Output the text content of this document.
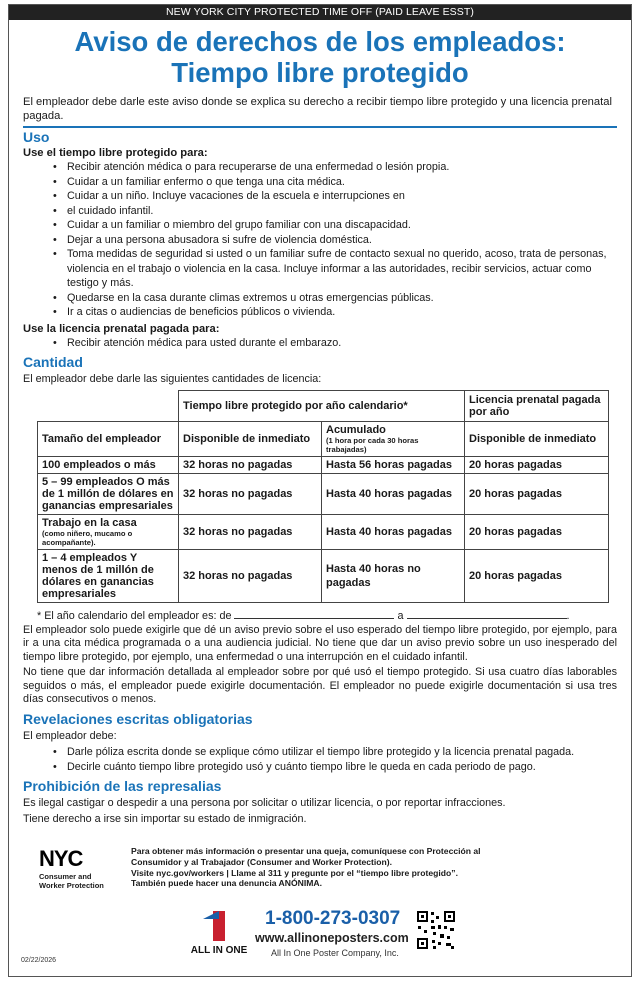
NEW YORK CITY PROTECTED TIME OFF (PAID LEAVE ESST)
Aviso de derechos de los empleados:
Tiempo libre protegido
El empleador debe darle este aviso donde se explica su derecho a recibir tiempo libre protegido y una licencia prenatal pagada.
Uso
Use el tiempo libre protegido para:
• Recibir atención médica o para recuperarse de una enfermedad o lesión propia.
• Cuidar a un familiar enfermo o que tenga una cita médica.
• Cuidar a un niño. Incluye vacaciones de la escuela e interrupciones en
• el cuidado infantil.
• Cuidar a un familiar o miembro del grupo familiar con una discapacidad.
• Dejar a una persona abusadora si sufre de violencia doméstica.
• Toma medidas de seguridad si usted o un familiar sufre de contacto sexual no querido, acoso, trata de personas, violencia en el trabajo o violencia en la casa. Incluye informar a las autoridades, recibir servicios, actuar como testigo y más.
• Quedarse en la casa durante climas extremos u otras emergencias públicas.
• Ir a citas o audiencias de beneficios públicos o vivienda.
Use la licencia prenatal pagada para:
• Recibir atención médica para usted durante el embarazo.
Cantidad
El empleador debe darle las siguientes cantidades de licencia:
	Tiempo libre protegido por año calendario*		Licencia prenatal pagada por año
Tamaño del empleador	Disponible de inmediato	Acumulado
(1 hora por cada 30 horas trabajadas)	Disponible de inmediato
100 empleados o más	32 horas no pagadas	Hasta 56 horas pagadas	20 horas pagadas
5 – 99 empleados O más de 1 millón de dólares en ganancias empresariales	32 horas no pagadas	Hasta 40 horas pagadas	20 horas pagadas
Trabajo en la casa
(como niñero, mucamo o acompañante).	32 horas no pagadas	Hasta 40 horas pagadas	20 horas pagadas
1 – 4 empleados Y menos de 1 millón de dólares en ganancias empresariales	32 horas no pagadas	Hasta 40 horas no pagadas	20 horas pagadas
* El año calendario del empleador es: de	a	.
El empleador solo puede exigirle que dé un aviso previo sobre el uso esperado del tiempo libre protegido, por ejemplo, para ir a una cita médica programada o a una audiencia judicial. No tiene que dar un aviso previo sobre un uso inesperado del tiempo libre protegido, por ejemplo, una enfermedad o una interrupción en el cuidado infantil.
No tiene que dar información detallada al empleador sobre por qué usó el tiempo protegido. Si usa cuatro días laborables seguidos o más, el empleador puede exigirle documentación. El empleador no puede exigirle documentación si usa tres días consecutivos o menos.
Revelaciones escritas obligatorias
El empleador debe:
• Darle póliza escrita donde se explique cómo utilizar el tiempo libre protegido y la licencia prenatal pagada.
• Decirle cuánto tiempo libre protegido usó y cuánto tiempo libre le queda en cada periodo de pago.
Prohibición de las represalias
Es ilegal castigar o despedir a una persona por solicitar o utilizar licencia, o por reportar infracciones.
Tiene derecho a irse sin importar su estado de inmigración.
NYC
Consumer and
Worker Protection
Para obtener más información o presentar una queja, comuníquese con Protección al Consumidor y al Trabajador (Consumer and Worker Protection).
Visite nyc.gov/workers | Llame al 311 y pregunte por el “tiempo libre protegido”.
También puede hacer una denuncia ANÓNIMA.
ALL IN ONE
1-800-273-0307
www.allinoneposters.com
All In One Poster Company, Inc.
02/22/2026
